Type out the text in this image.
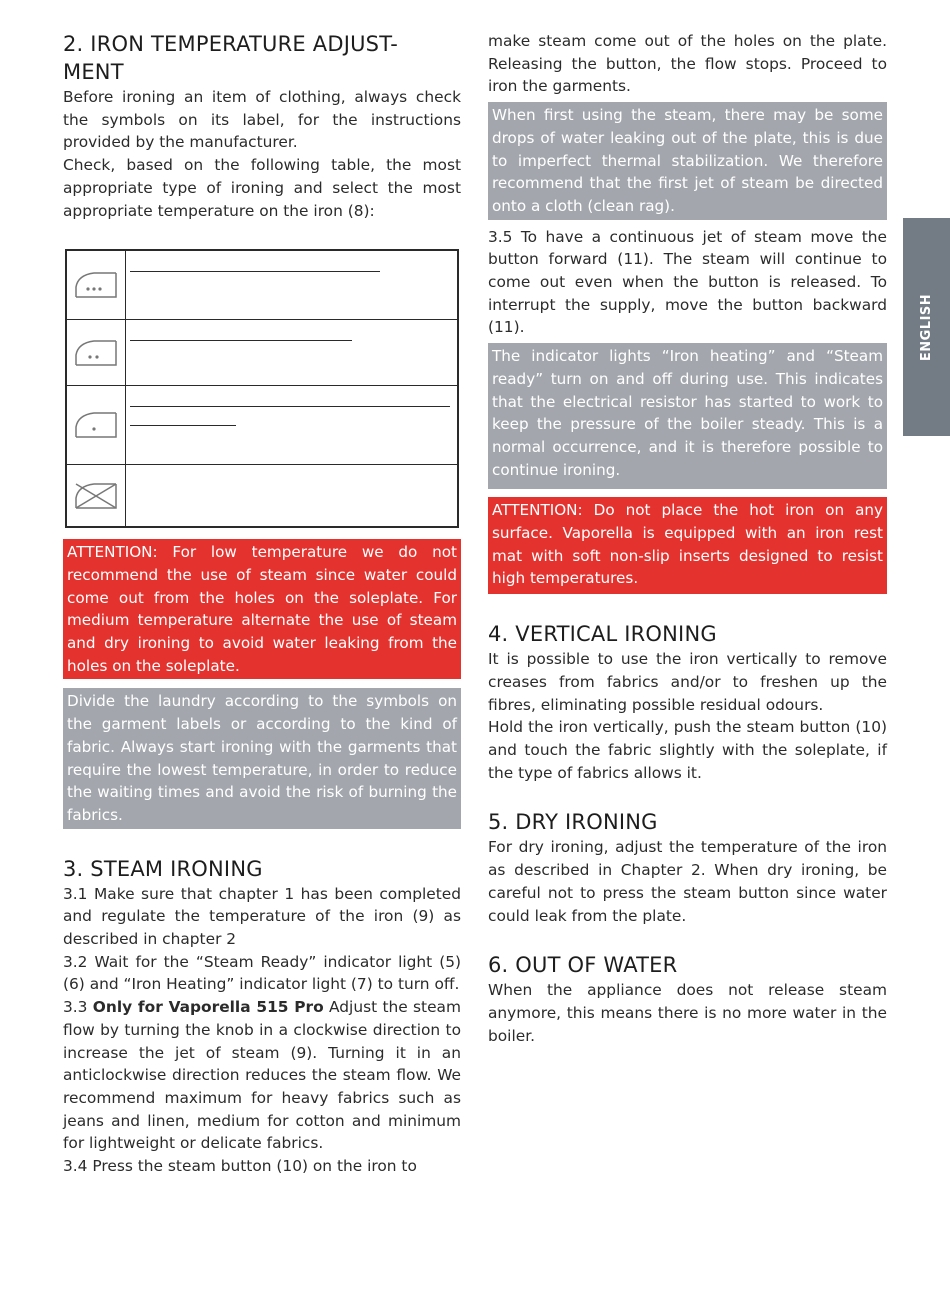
ENGLISH
2. IRON TEMPERATURE ADJUST-
MENT

Before ironing an item of clothing, always check the symbols on its label, for the instructions provided by the manufacturer.

Check, based on the following table, the most appropriate type of ironing and select the most appropriate temperature on the iron (8):

ATTENTION: For low temperature we do not recommend the use of steam since water could come out from the holes on the soleplate. For medium temperature alternate the use of steam and dry ironing to avoid water leaking from the holes on the soleplate.
Divide the laundry according to the symbols on the garment labels or according to the kind of fabric. Always start ironing with the garments that require the lowest temperature, in order to reduce the waiting times and avoid the risk of burning the fabrics.
3. STEAM IRONING

3.1 Make sure that chapter 1 has been completed and regulate the temperature of the iron (9) as described in chapter 2

3.2 Wait for the “Steam Ready” indicator light (5)(6) and “Iron Heating” indicator light (7) to turn off.

3.3 Only for Vaporella 515 Pro Adjust the steam flow by turning the knob in a clockwise direction to increase the jet of steam (9). Turning it in an anticlockwise direction reduces the steam flow. We recommend maximum for heavy fabrics such as jeans and linen, medium for cotton and minimum for lightweight or delicate fabrics.

3.4 Press the steam button (10) on the iron to

make steam come out of the holes on the plate. Releasing the button, the flow stops. Proceed to iron the garments.

When first using the steam, there may be some drops of water leaking out of the plate, this is due to imperfect thermal stabilization. We therefore recommend that the first jet of steam be directed onto a cloth (clean rag).

3.5 To have a continuous jet of steam move the button forward (11). The steam will continue to come out even when the button is released. To interrupt the supply, move the button backward (11).

The indicator lights “Iron heating” and “Steam ready” turn on and off during use. This indicates that the electrical resistor has started to work to keep the pressure of the boiler steady. This is a normal occurrence, and it is therefore possible to continue ironing.
ATTENTION: Do not place the hot iron on any surface. Vaporella is equipped with an iron rest mat with soft non-slip inserts designed to resist high temperatures.
4. VERTICAL IRONING

It is possible to use the iron vertically to remove creases from fabrics and/or to freshen up the fibres, eliminating possible residual odours.

Hold the iron vertically, push the steam button (10) and touch the fabric slightly with the soleplate, if the type of fabrics allows it.

5. DRY IRONING

For dry ironing, adjust the temperature of the iron as described in Chapter 2. When dry ironing, be careful not to press the steam button since water could leak from the plate.

6. OUT OF WATER

When the appliance does not release steam anymore, this means there is no more water in the boiler.
